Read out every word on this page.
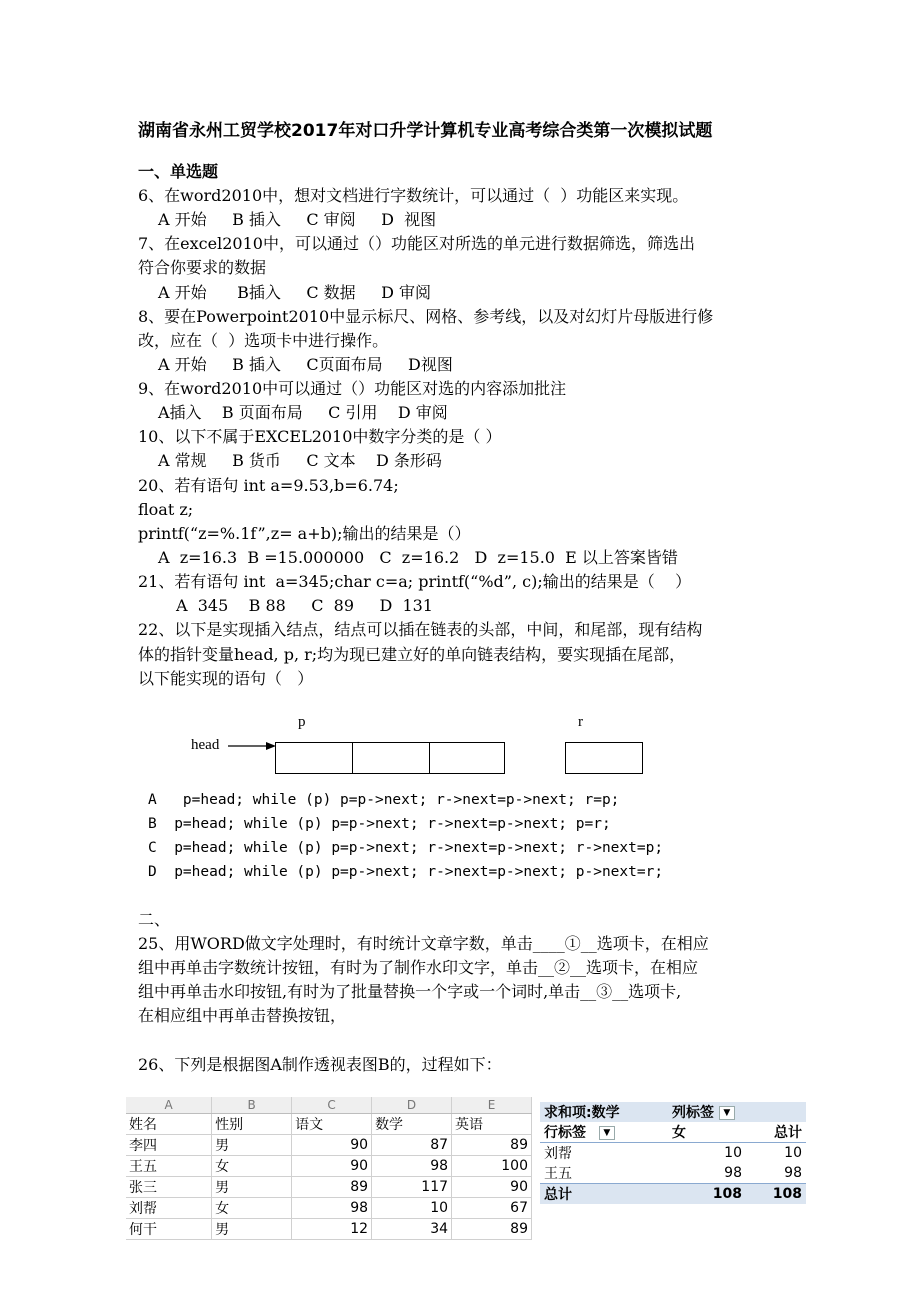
湖南省永州工贸学校2017年对口升学计算机专业高考综合类第一次模拟试题
一、单选题
6、在word2010中，想对文档进行字数统计，可以通过（  ）功能区来实现。
A 开始     B 插入     C 审阅     D  视图
7、在excel2010中，可以通过（）功能区对所选的单元进行数据筛选，筛选出
符合你要求的数据
A 开始      B插入     C 数据     D 审阅
8、要在Powerpoint2010中显示标尺、网格、参考线，以及对幻灯片母版进行修
改，应在（  ）选项卡中进行操作。
A 开始     B 插入     C页面布局     D视图
9、在word2010中可以通过（）功能区对选的内容添加批注
A插入    B 页面布局     C 引用    D 审阅
10、以下不属于EXCEL2010中数字分类的是（ ）
A 常规     B 货币     C 文本    D 条形码
20、若有语句 int a=9.53,b=6.74;
float z;
printf(“z=%.1f”,z= a+b);输出的结果是（）
A  z=16.3  B =15.000000   C  z=16.2   D  z=15.0  E 以上答案皆错
21、若有语句 int  a=345;char c=a; printf(“%d”, c);输出的结果是（    ）
A  345    B 88     C  89     D  131
22、以下是实现插入结点，结点可以插在链表的头部，中间，和尾部，现有结构
体的指针变量head, p, r;均为现已建立好的单向链表结构，要实现插在尾部，
以下能实现的语句（   ）
p	r
head
A   p=head; while (p) p=p->next; r->next=p->next; r=p;
B  p=head; while (p) p=p->next; r->next=p->next; p=r;
C  p=head; while (p) p=p->next; r->next=p->next; r->next=p;
D  p=head; while (p) p=p->next; r->next=p->next; p->next=r;
二、
25、用WORD做文字处理时，有时统计文章字数，单击____①__选项卡，在相应
组中再单击字数统计按钮，有时为了制作水印文字，单击__②__选项卡，在相应
组中再单击水印按钮,有时为了批量替换一个字或一个词时,单击__③__选项卡,
在相应组中再单击替换按钮，
26、下列是根据图A制作透视表图B的，过程如下：
A	B	C	D	E
姓名	性别	语文	数学	英语
李四	男	90	87	89
王五	女	90	98	100
张三	男	89	117	90
刘帮	女	98	10	67
何干	男	12	34	89
求和项:数学	列标签 ▼	
行标签 ▼	女	总计
刘帮	10	10
王五	98	98
总计	108	108
